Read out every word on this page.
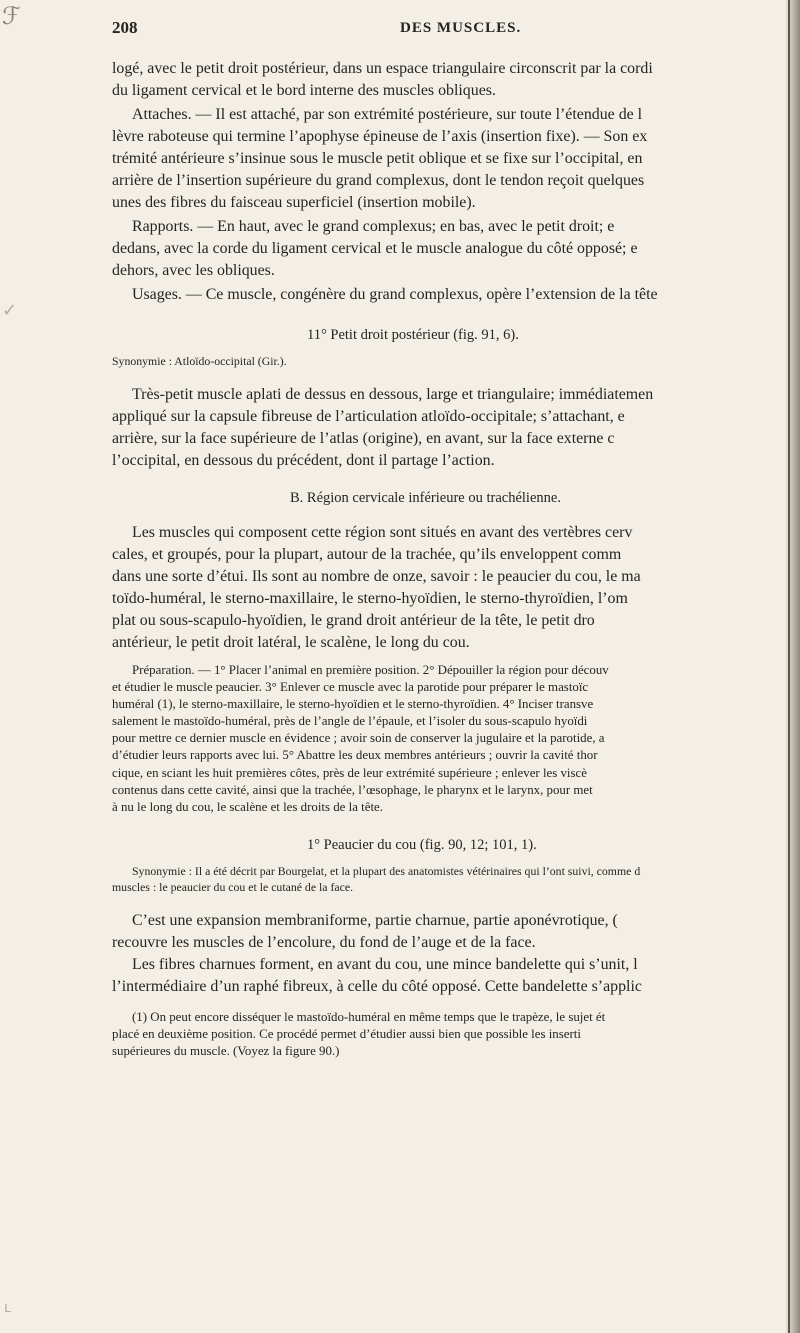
ℱ
✓
ʟ
208	DES MUSCLES.

logé, avec le petit droit postérieur, dans un espace triangulaire circonscrit par la cordi

du ligament cervical et le bord interne des muscles obliques.

Attaches. — Il est attaché, par son extrémité postérieure, sur toute l’étendue de l

lèvre raboteuse qui termine l’apophyse épineuse de l’axis (insertion fixe). — Son ex

trémité antérieure s’insinue sous le muscle petit oblique et se fixe sur l’occipital, en

arrière de l’insertion supérieure du grand complexus, dont le tendon reçoit quelques

unes des fibres du faisceau superficiel (insertion mobile).

Rapports. — En haut, avec le grand complexus; en bas, avec le petit droit; e

dedans, avec la corde du ligament cervical et le muscle analogue du côté opposé; e

dehors, avec les obliques.

Usages. — Ce muscle, congénère du grand complexus, opère l’extension de la tête

11° Petit droit postérieur (fig. 91, 6).

Synonymie : Atloïdo-occipital (Gir.).

Très-petit muscle aplati de dessus en dessous, large et triangulaire; immédiatemen

appliqué sur la capsule fibreuse de l’articulation atloïdo-occipitale; s’attachant, e

arrière, sur la face supérieure de l’atlas (origine), en avant, sur la face externe c

l’occipital, en dessous du précédent, dont il partage l’action.

B. Région cervicale inférieure ou trachélienne.

Les muscles qui composent cette région sont situés en avant des vertèbres cerv

cales, et groupés, pour la plupart, autour de la trachée, qu’ils enveloppent comm

dans une sorte d’étui. Ils sont au nombre de onze, savoir : le peaucier du cou, le ma

toïdo-huméral, le sterno-maxillaire, le sterno-hyoïdien, le sterno-thyroïdien, l’om

plat ou sous-scapulo-hyoïdien, le grand droit antérieur de la tête, le petit dro

antérieur, le petit droit latéral, le scalène, le long du cou.

Préparation. — 1° Placer l’animal en première position. 2° Dépouiller la région pour découv

et étudier le muscle peaucier. 3° Enlever ce muscle avec la parotide pour préparer le mastoïc

huméral (1), le sterno-maxillaire, le sterno-hyoïdien et le sterno-thyroïdien. 4° Inciser transve

salement le mastoïdo-huméral, près de l’angle de l’épaule, et l’isoler du sous-scapulo hyoïdi

pour mettre ce dernier muscle en évidence ; avoir soin de conserver la jugulaire et la parotide, a

d’étudier leurs rapports avec lui. 5° Abattre les deux membres antérieurs ; ouvrir la cavité thor

cique, en sciant les huit premières côtes, près de leur extrémité supérieure ; enlever les viscè

contenus dans cette cavité, ainsi que la trachée, l’œsophage, le pharynx et le larynx, pour met

à nu le long du cou, le scalène et les droits de la tête.

1° Peaucier du cou (fig. 90, 12; 101, 1).

Synonymie : Il a été décrit par Bourgelat, et la plupart des anatomistes vétérinaires qui l’ont suivi, comme d

muscles : le peaucier du cou et le cutané de la face.

C’est une expansion membraniforme, partie charnue, partie aponévrotique, (

recouvre les muscles de l’encolure, du fond de l’auge et de la face.

Les fibres charnues forment, en avant du cou, une mince bandelette qui s’unit, l

l’intermédiaire d’un raphé fibreux, à celle du côté opposé. Cette bandelette s’applic

(1) On peut encore disséquer le mastoïdo-huméral en même temps que le trapèze, le sujet ét

placé en deuxième position. Ce procédé permet d’étudier aussi bien que possible les inserti

supérieures du muscle. (Voyez la figure 90.)
